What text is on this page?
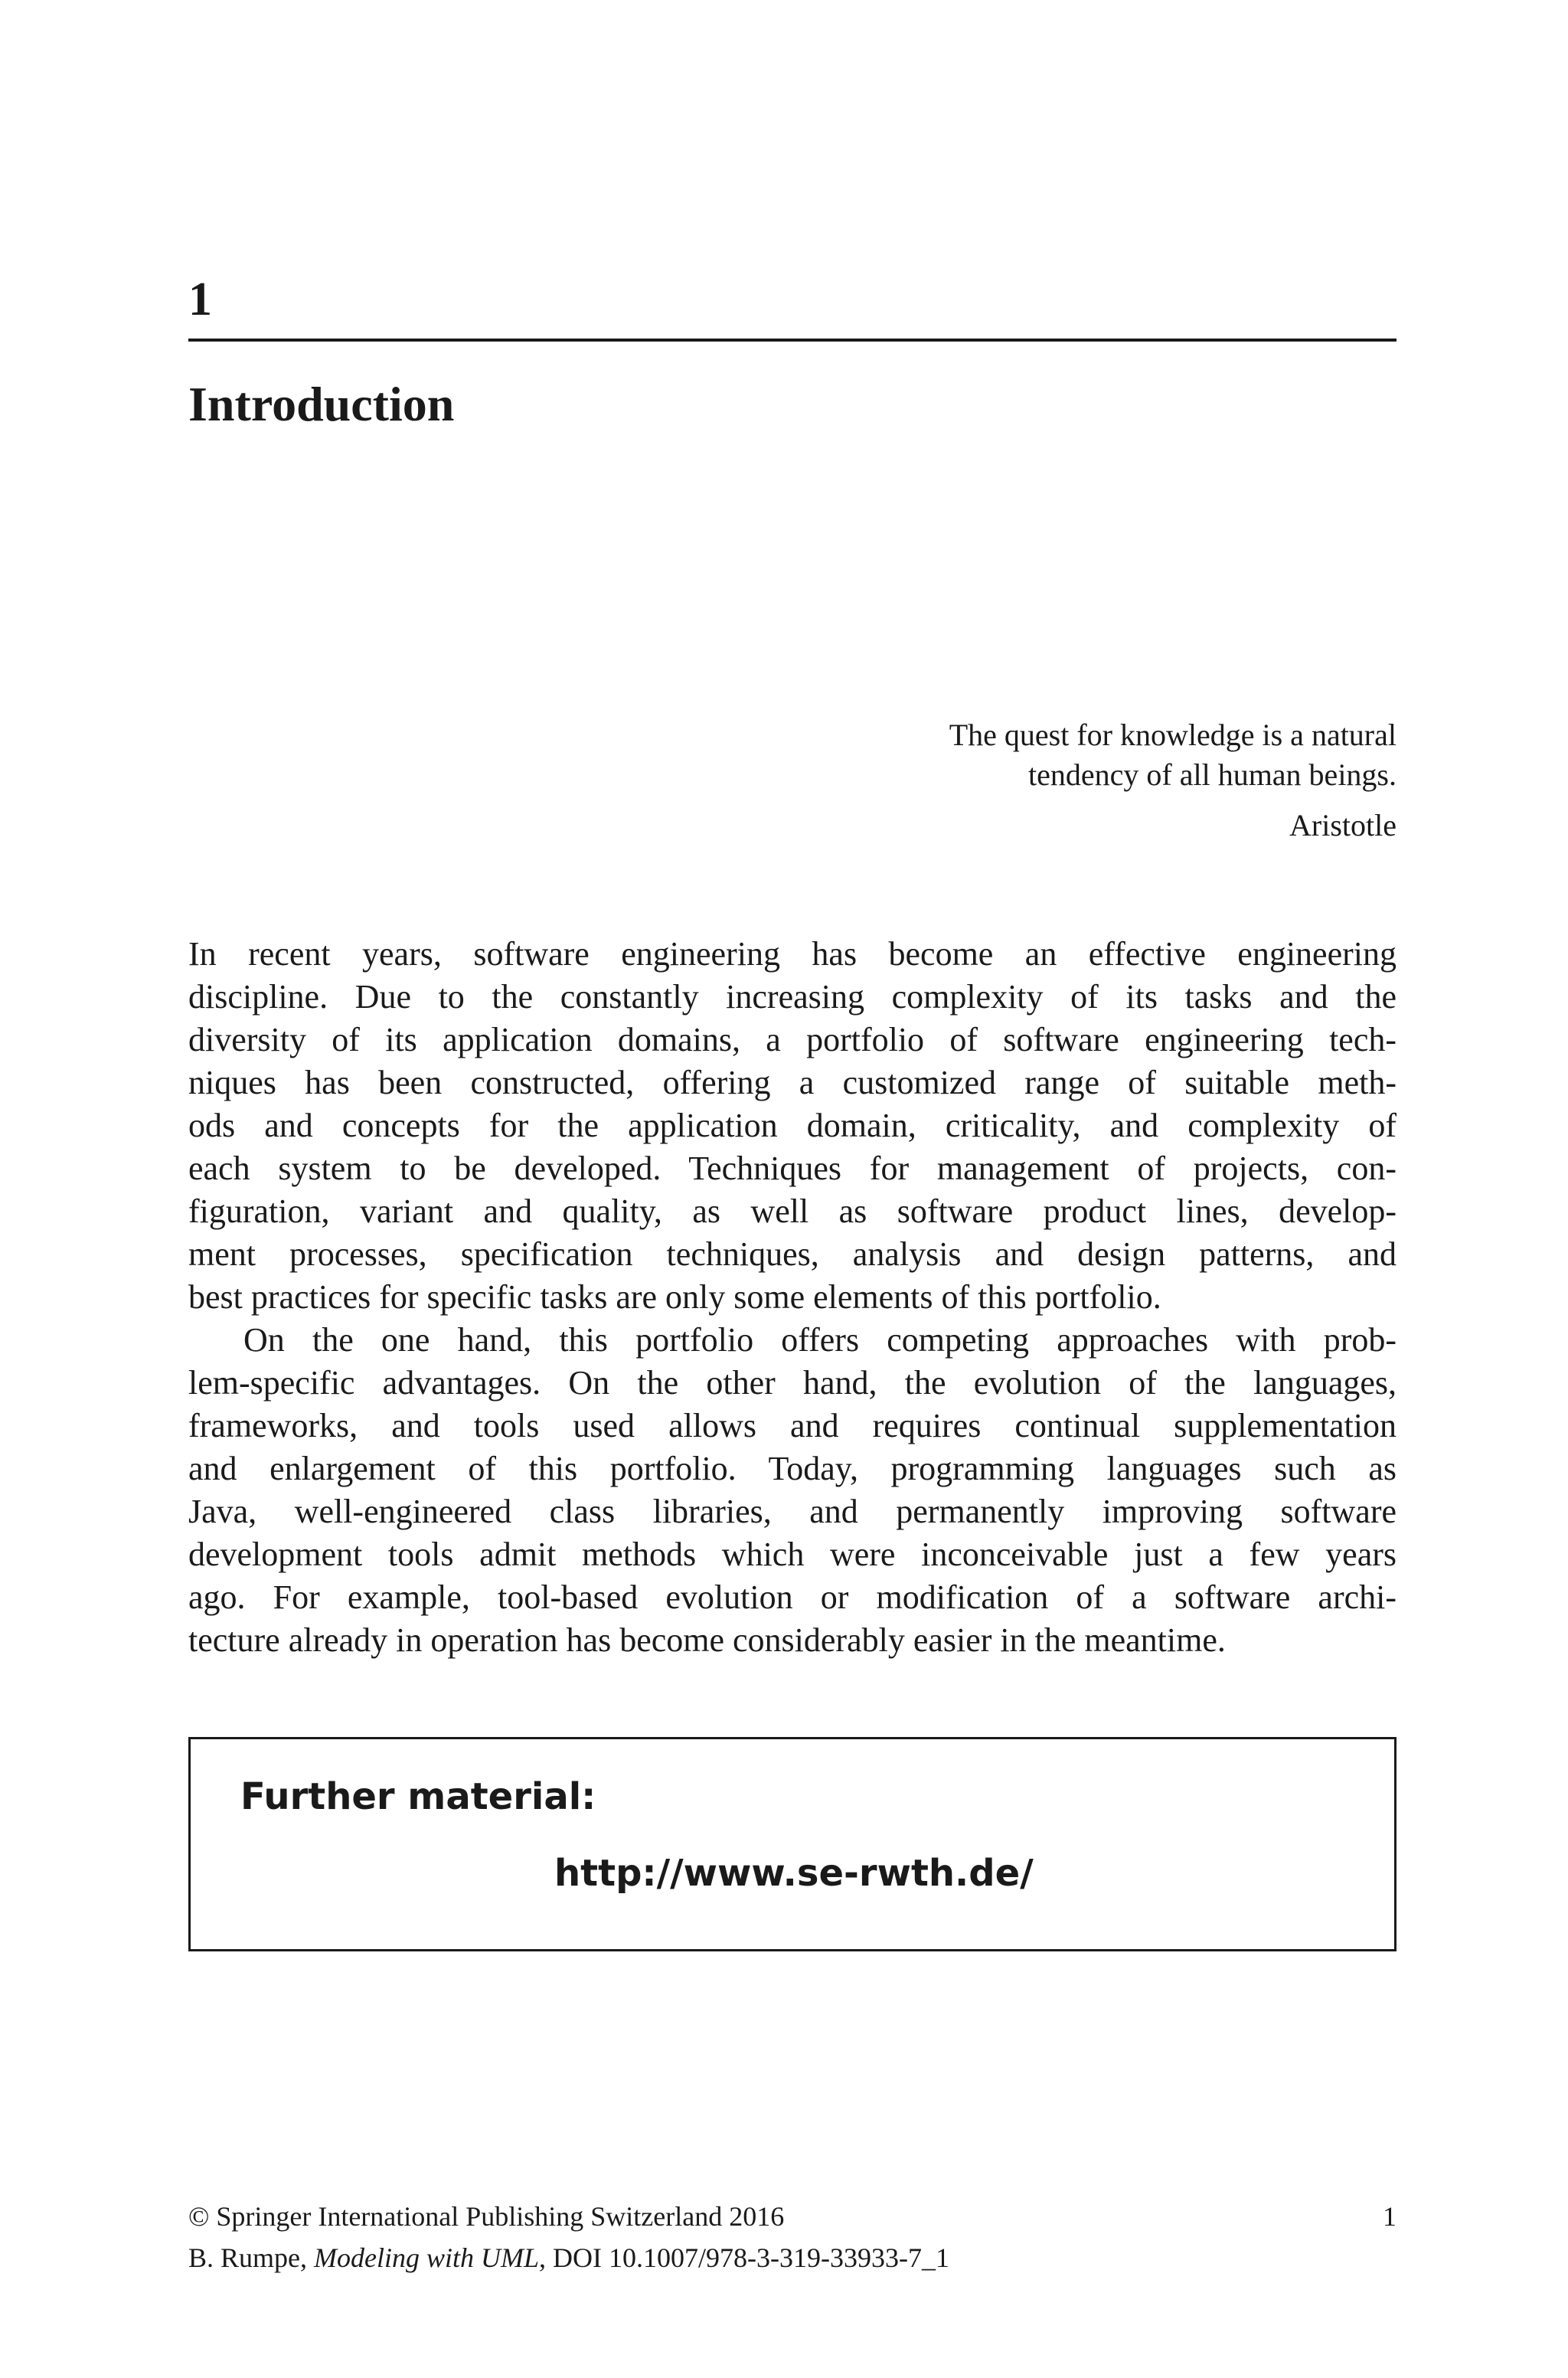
1
Introduction
The quest for knowledge is a natural
tendency of all human beings.
Aristotle
In recent years, software engineering has become an effective engineering
discipline. Due to the constantly increasing complexity of its tasks and the
diversity of its application domains, a portfolio of software engineering tech-
niques has been constructed, offering a customized range of suitable meth-
ods and concepts for the application domain, criticality, and complexity of
each system to be developed. Techniques for management of projects, con-
figuration, variant and quality, as well as software product lines, develop-
ment processes, specification techniques, analysis and design patterns, and
best practices for specific tasks are only some elements of this portfolio.
On the one hand, this portfolio offers competing approaches with prob-
lem-specific advantages. On the other hand, the evolution of the languages,
frameworks, and tools used allows and requires continual supplementation
and enlargement of this portfolio. Today, programming languages such as
Java, well-engineered class libraries, and permanently improving software
development tools admit methods which were inconceivable just a few years
ago. For example, tool-based evolution or modification of a software archi-
tecture already in operation has become considerably easier in the meantime.
Further material:
http://www.se-rwth.de/
© Springer International Publishing Switzerland 2016	1
B. Rumpe, Modeling with UML, DOI 10.1007/978-3-319-33933-7_1
